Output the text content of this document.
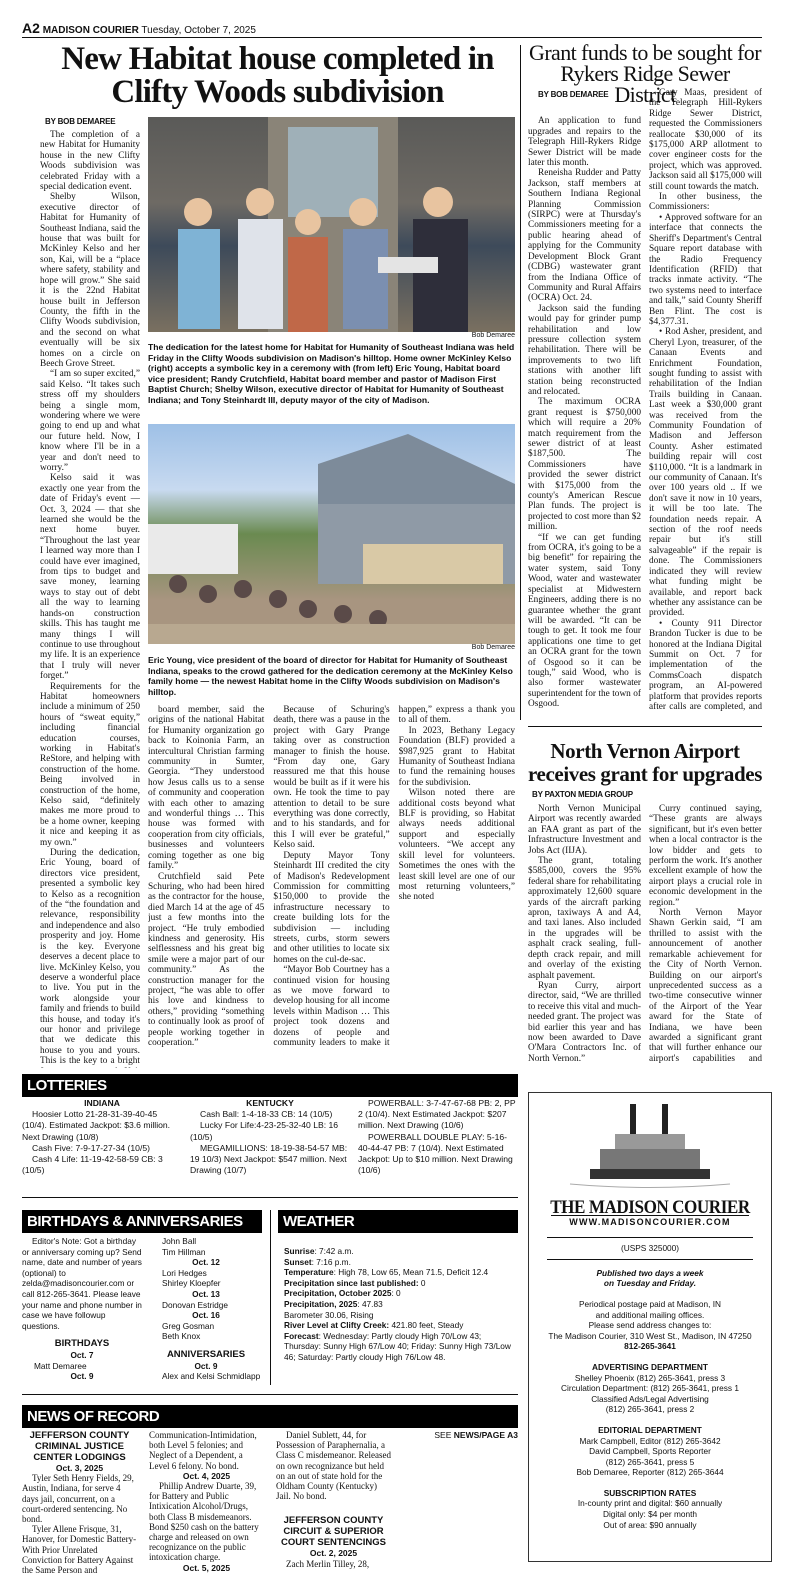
A2 MADISON COURIER Tuesday, October 7, 2025
New Habitat house completed in Clifty Woods subdivision
BY BOB DEMAREE

The completion of a new Habitat for Humanity house in the new Clifty Woods subdivision was celebrated Friday with a special dedication event.

Shelby Wilson, executive director of Habitat for Humanity of Southeast Indiana, said the house that was built for McKinley Kelso and her son, Kai, will be a “place where safety, stability and hope will grow.” She said it is the 22nd Habitat house built in Jefferson County, the fifth in the Clifty Woods subdivision, and the second on what eventually will be six homes on a circle on Beech Grove Street.

“I am so super excited,” said Kelso. “It takes such stress off my shoulders being a single mom, wondering where we were going to end up and what our future held. Now, I know where I'll be in a year and don't need to worry.”

Kelso said it was exactly one year from the date of Friday's event — Oct. 3, 2024 — that she learned she would be the next home buyer. “Throughout the last year I learned way more than I could have ever imagined, from tips to budget and save money, learning ways to stay out of debt all the way to learning hands-on construction skills. This has taught me many things I will continue to use throughout my life. It is an experience that I truly will never forget.”

Requirements for the Habitat homeowners include a minimum of 250 hours of “sweat equity,” including financial education courses, working in Habitat's ReStore, and helping with construction of the home. Being involved in construction of the home, Kelso said, “definitely makes me more proud to be a home owner, keeping it nice and keeping it as my own.”

During the dedication, Eric Young, board of directors vice president, presented a symbolic key to Kelso as a recognition of the “the foundation and relevance, responsibility and independence and also prosperity and joy. Home is the key. Everyone deserves a decent place to live. McKinley Kelso, you deserve a wonderful place to live. You put in the work alongside your family and friends to build this house, and today it's our honor and privilege that we dedicate this house to you and yours. This is the key to a bright

Bob Demaree

The dedication for the latest home for Habitat for Humanity of Southeast Indiana was held Friday in the Clifty Woods subdivision on Madison's hilltop. Home owner McKinley Kelso (right) accepts a symbolic key in a ceremony with (from left) Eric Young, Habitat board vice president; Randy Crutchfield, Habitat board member and pastor of Madison First Baptist Church; Shelby Wilson, executive director of Habitat for Humanity of Southeast Indiana; and Tony Steinhardt III, deputy mayor of the city of Madison.

Bob Demaree

Eric Young, vice president of the board of director for Habitat for Humanity of Southeast Indiana, speaks to the crowd gathered for the dedication ceremony at the McKinley Kelso family home — the newest Habitat home in the Clifty Woods subdivision on Madison's hilltop.

board member, said the origins of the national Habitat for Humanity organization go back to Koinonia Farm, an intercultural Christian farming community in Sumter, Georgia. “They understood how Jesus calls us to a sense of community and cooperation with each other to amazing and wonderful things … This house was formed with cooperation from city officials, businesses and volunteers coming together as one big family.”

Crutchfield said Pete Schuring, who had been hired as the contractor for the house, died March 14 at the age of 45 just a few months into the project. “He truly embodied kindness and generosity. His selflessness and his great big smile were a major part of our community.” As the construction manager for the project, “he was able to offer his love and kindness to others,” providing “something to continually look as proof of people working together in cooperation.”

Because of Schuring's death, there was a pause in the project with Gary Prange taking over as construction manager to finish the house. “From day one, Gary reassured me that this house would be built as if it were his own. He took the time to pay attention to detail to be sure everything was done correctly, and to his standards, and for this I will ever be grateful,” Kelso said.

Deputy Mayor Tony Steinhardt III credited the city of Madison's Redevelopment Commission for committing $150,000 to provide the infrastructure necessary to create building lots for the subdivision — including streets, curbs, storm sewers and other utilities to locate six homes on the cul-de-sac.

“Mayor Bob Courtney has a continued vision for housing as we move forward to develop housing for all income levels within Madison … This project took dozens and dozens of people and community leaders to make it happen,” express a thank you to all of them.

In 2023, Bethany Legacy Foundation (BLF) provided a $987,925 grant to Habitat Humanity of Southeast Indiana to fund the remaining houses for the subdivision.

Wilson noted there are additional costs beyond what BLF is providing, so Habitat always needs additional support and especially volunteers. “We accept any skill level for volunteers. Sometimes the ones with the least skill level are one of our most returning volunteers,” she noted

Grant funds to be sought for Rykers Ridge Sewer District
BY BOB DEMAREE

An application to fund upgrades and repairs to the Telegraph Hill-Rykers Ridge Sewer District will be made later this month.

Reneisha Rudder and Patty Jackson, staff members at Southern Indiana Regional Planning Commission (SIRPC) were at Thursday's Commissioners meeting for a public hearing ahead of applying for the Community Development Block Grant (CDBG) wastewater grant from the Indiana Office of Community and Rural Affairs (OCRA) Oct. 24.

Jackson said the funding would pay for grinder pump rehabilitation and low pressure collection system rehabilitation. There will be improvements to two lift stations with another lift station being reconstructed and relocated.

The maximum OCRA grant request is $750,000 which will require a 20% match requirement from the sewer district of at least $187,500. The Commissioners have provided the sewer district with $175,000 from the county's American Rescue Plan funds. The project is projected to cost more than $2 million.

“If we can get funding from OCRA, it's going to be a big benefit” for repairing the water system, said Tony Wood, water and wastewater specialist at Midwestern Engineers, adding there is no guarantee whether the grant will be awarded. “It can be tough to get. It took me four applications one time to get an OCRA grant for the town of Osgood so it can be tough,” said Wood, who is also former wastewater superintendent for the town of Osgood.

Gary Maas, president of the Telegraph Hill-Rykers Ridge Sewer District, requested the Commissioners reallocate $30,000 of its $175,000 ARP allotment to cover engineer costs for the project, which was approved. Jackson said all $175,000 will still count towards the match.

In other business, the Commissioners:

• Approved software for an interface that connects the Sheriff's Department's Central Square report database with the Radio Frequency Identification (RFID) that tracks inmate activity. “The two systems need to interface and talk,” said County Sheriff Ben Flint. The cost is $4,377.31.

• Rod Asher, president, and Cheryl Lyon, treasurer, of the Canaan Events and Enrichment Foundation, sought funding to assist with rehabilitation of the Indian Trails building in Canaan. Last week a $30,000 grant was received from the Community Foundation of Madison and Jefferson County. Asher estimated building repair will cost $110,000. “It is a landmark in our community of Canaan. It's over 100 years old .. If we don't save it now in 10 years, it will be too late. The foundation needs repair. A section of the roof needs repair but it's still salvageable” if the repair is done. The Commissioners indicated they will review what funding might be available, and report back whether any assistance can be provided.

• County 911 Director Brandon Tucker is due to be honored at the Indiana Digital Summit on Oct. 7 for implementation of the CommsCoach dispatch program, an AI-powered platform that provides reports after calls are completed, and

North Vernon Airport receives grant for upgrades
BY PAXTON MEDIA GROUP

North Vernon Municipal Airport was recently awarded an FAA grant as part of the Infrastructure Investment and Jobs Act (IIJA).

The grant, totaling $585,000, covers the 95% federal share for rehabilitating approximately 12,600 square yards of the aircraft parking apron, taxiways A and A4, and taxi lanes. Also included in the upgrades will be asphalt crack sealing, full-depth crack repair, and mill and overlay of the existing asphalt pavement.

Ryan Curry, airport director, said, “We are thrilled to receive this vital and much-needed grant. The project was bid earlier this year and has now been awarded to Dave O'Mara Contractors Inc. of North Vernon.”

Curry continued saying, “These grants are always significant, but it's even better when a local contractor is the low bidder and gets to perform the work. It's another excellent example of how the airport plays a crucial role in economic development in the region.”

North Vernon Mayor Shawn Gerkin said, “I am thrilled to assist with the announcement of another remarkable achievement for the City of North Vernon. Building on our airport's unprecedented success as a two-time consecutive winner of the Airport of the Year award for the State of Indiana, we have been awarded a significant grant that will further enhance our airport's capabilities and

LOTTERIES
INDIANA

Hoosier Lotto 21-28-31-39-40-45 (10/4). Estimated Jackpot: $3.6 million. Next Drawing (10/8)

Cash Five: 7-9-17-27-34 (10/5)

Cash 4 Life: 11-19-42-58-59 CB: 3 (10/5)

KENTUCKY

Cash Ball: 1-4-18-33 CB: 14 (10/5)

Lucky For Life:4-23-25-32-40 LB: 16 (10/5)

MEGAMILLIONS: 18-19-38-54-57 MB: 19 10/3) Next Jackpot: $547 million. Next Drawing (10/7)

POWERBALL: 3-7-47-67-68 PB: 2, PP 2 (10/4). Next Estimated Jackpot: $207 million. Next Drawing (10/6)

POWERBALL DOUBLE PLAY: 5-16-40-44-47 PB: 7 (10/4). Next Estimated Jackpot: Up to $10 million. Next Drawing (10/6)

BIRTHDAYS & ANNIVERSARIES

Editor's Note: Got a birthday or anniversary coming up? Send name, date and number of years (optional) to zelda@madisoncourier.com or call 812-265-3641. Please leave your name and phone number in case we have followup questions.

BIRTHDAYS
Oct. 7
Matt Demaree
Oct. 9
John Ball
Tim Hillman
Oct. 12
Lori Hedges
Shirley Kloepfer
Oct. 13
Donovan Estridge
Oct. 16
Greg Gosman
Beth Knox
ANNIVERSARIES
Oct. 9
Alex and Kelsi Schmidlapp
WEATHER
Sunrise: 7:42 a.m.
Sunset: 7:16 p.m.
Temperature: High 78, Low 65, Mean 71.5, Deficit 12.4
Precipitation since last published: 0
Precipitation, October 2025: 0
Precipitation, 2025: 47.83
Barometer 30.06, Rising
River Level at Clifty Creek: 421.80 feet, Steady
Forecast: Wednesday: Partly cloudy High 70/Low 43; Thursday: Sunny High 67/Low 40; Friday: Sunny High 73/Low 46; Saturday: Partly cloudy High 76/Low 48.
NEWS OF RECORD
JEFFERSON COUNTY CRIMINAL JUSTICE CENTER LODGINGS
Oct. 3, 2025

Tyler Seth Henry Fields, 29, Austin, Indiana, for serve 4 days jail, concurrent, on a court-ordered sentencing. No bond.

Tyler Allene Frisque, 31, Hanover, for Domestic Battery-With Prior Unrelated Conviction for Battery Against the Same Person and Communication-Intimidation, both Level 5 felonies; and Neglect of a Dependent, a Level 6 felony. No bond.

Oct. 4, 2025

Phillip Andrew Duarte, 39, for Battery and Public Intixication Alcohol/Drugs, both Class B misdemeanors. Bond $250 cash on the battery charge and released on own recognizance on the public intoxication charge.

Oct. 5, 2025

Daniel Sublett, 44, for Possession of Paraphernalia, a Class C misdemeanor. Released on own recognizance but held on an out of state hold for the Oldham County (Kentucky) Jail. No bond.

JEFFERSON COUNTY CIRCUIT & SUPERIOR COURT SENTENCINGS
Oct. 2, 2025

Zach Merlin Tilley, 28,

SEE NEWS/PAGE A3
THE MADISON COURIER
WWW.MADISONCOURIER.COM
(USPS 325000)
Published two days a week
on Tuesday and Friday.
Periodical postage paid at Madison, IN
and additional mailing offices.
Please send address changes to:
The Madison Courier, 310 West St., Madison, IN 47250
812-265-3641
ADVERTISING DEPARTMENT
Shelley Phoenix (812) 265-3641, press 3
Circulation Department: (812) 265-3641, press 1
Classified Ads/Legal Advertising
(812) 265-3641, press 2
EDITORIAL DEPARTMENT
Mark Campbell, Editor (812) 265-3642
David Campbell, Sports Reporter
(812) 265-3641, press 5
Bob Demaree, Reporter (812) 265-3644
SUBSCRIPTION RATES
In-county print and digital: $60 annually
Digital only: $4 per month
Out of area: $90 annually
